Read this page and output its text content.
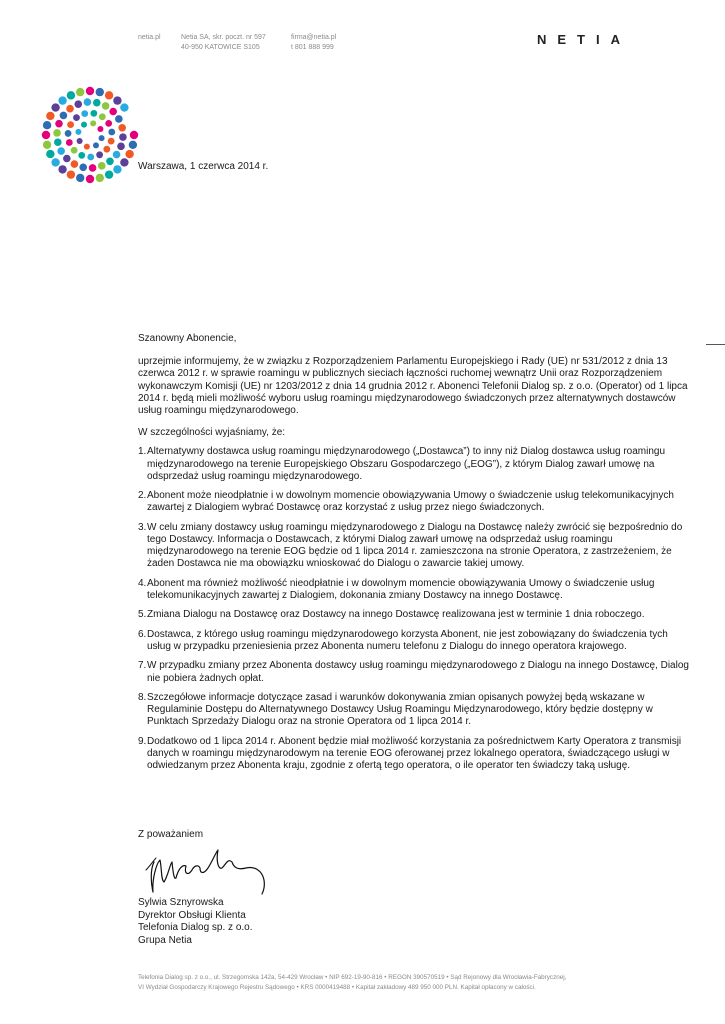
netia.pl	Netia SA, skr. poczt. nr 597
40-950 KATOWICE S105
firma@netia.pl
t 801 888 999
NETIA
Warszawa, 1 czerwca 2014 r.

Szanowny Abonencie,

uprzejmie informujemy, że w związku z Rozporządzeniem Parlamentu Europejskiego i Rady (UE) nr 531/2012 z dnia 13 czerwca 2012 r. w sprawie roamingu w publicznych sieciach łączności ruchomej wewnątrz Unii oraz Rozporządzeniem wykonawczym Komisji (UE) nr 1203/2012 z dnia 14 grudnia 2012 r. Abonenci Telefonii Dialog sp. z o.o. (Operator) od 1 lipca 2014 r. będą mieli możliwość wyboru usług roamingu międzynarodowego świadczonych przez alternatywnych dostawców usług roamingu międzynarodowego.

W szczególności wyjaśniamy, że:

1. Alternatywny dostawca usług roamingu międzynarodowego („Dostawca”) to inny niż Dialog dostawca usług roamingu międzynarodowego na terenie Europejskiego Obszaru Gospodarczego („EOG”), z którym Dialog zawarł umowę na odsprzedaż usług roamingu międzynarodowego.
2. Abonent może nieodpłatnie i w dowolnym momencie obowiązywania Umowy o świadczenie usług telekomunikacyjnych zawartej z Dialogiem wybrać Dostawcę oraz korzystać z usług przez niego świadczonych.
3. W celu zmiany dostawcy usług roamingu międzynarodowego z Dialogu na Dostawcę należy zwrócić się bezpośrednio do tego Dostawcy. Informacja o Dostawcach, z którymi Dialog zawarł umowę na odsprzedaż usług roamingu międzynarodowego na terenie EOG będzie od 1 lipca 2014 r. zamieszczona na stronie Operatora, z zastrzeżeniem, że żaden Dostawca nie ma obowiązku wnioskować do Dialogu o zawarcie takiej umowy.
4. Abonent ma również możliwość nieodpłatnie i w dowolnym momencie obowiązywania Umowy o świadczenie usług telekomunikacyjnych zawartej z Dialogiem, dokonania zmiany Dostawcy na innego Dostawcę.
5. Zmiana Dialogu na Dostawcę oraz Dostawcy na innego Dostawcę realizowana jest w terminie 1 dnia roboczego.
6. Dostawca, z którego usług roamingu międzynarodowego korzysta Abonent, nie jest zobowiązany do świadczenia tych usług w przypadku przeniesienia przez Abonenta numeru telefonu z Dialogu do innego operatora krajowego.
7. W przypadku zmiany przez Abonenta dostawcy usług roamingu międzynarodowego z Dialogu na innego Dostawcę, Dialog nie pobiera żadnych opłat.
8. Szczegółowe informacje dotyczące zasad i warunków dokonywania zmian opisanych powyżej będą wskazane w Regulaminie Dostępu do Alternatywnego Dostawcy Usług Roamingu Międzynarodowego, który będzie dostępny w Punktach Sprzedaży Dialogu oraz na stronie Operatora od 1 lipca 2014 r.
9. Dodatkowo od 1 lipca 2014 r. Abonent będzie miał możliwość korzystania za pośrednictwem Karty Operatora z transmisji danych w roamingu międzynarodowym na terenie EOG oferowanej przez lokalnego operatora, świadczącego usługi w odwiedzanym przez Abonenta kraju, zgodnie z ofertą tego operatora, o ile operator ten świadczy taką usługę.
Z poważaniem
Sylwia Sznyrowska
Dyrektor Obsługi Klienta
Telefonia Dialog sp. z o.o.
Grupa Netia
Telefonia Dialog sp. z o.o., ul. Strzegomska 142a, 54-429 Wrocław • NIP 692-19-90-816 • REGON 390570519 • Sąd Rejonowy dla Wrocławia-Fabrycznej,
VI Wydział Gospodarczy Krajowego Rejestru Sądowego • KRS 0000419488 • Kapitał zakładowy 489 950 000 PLN. Kapitał opłacony w całości.
